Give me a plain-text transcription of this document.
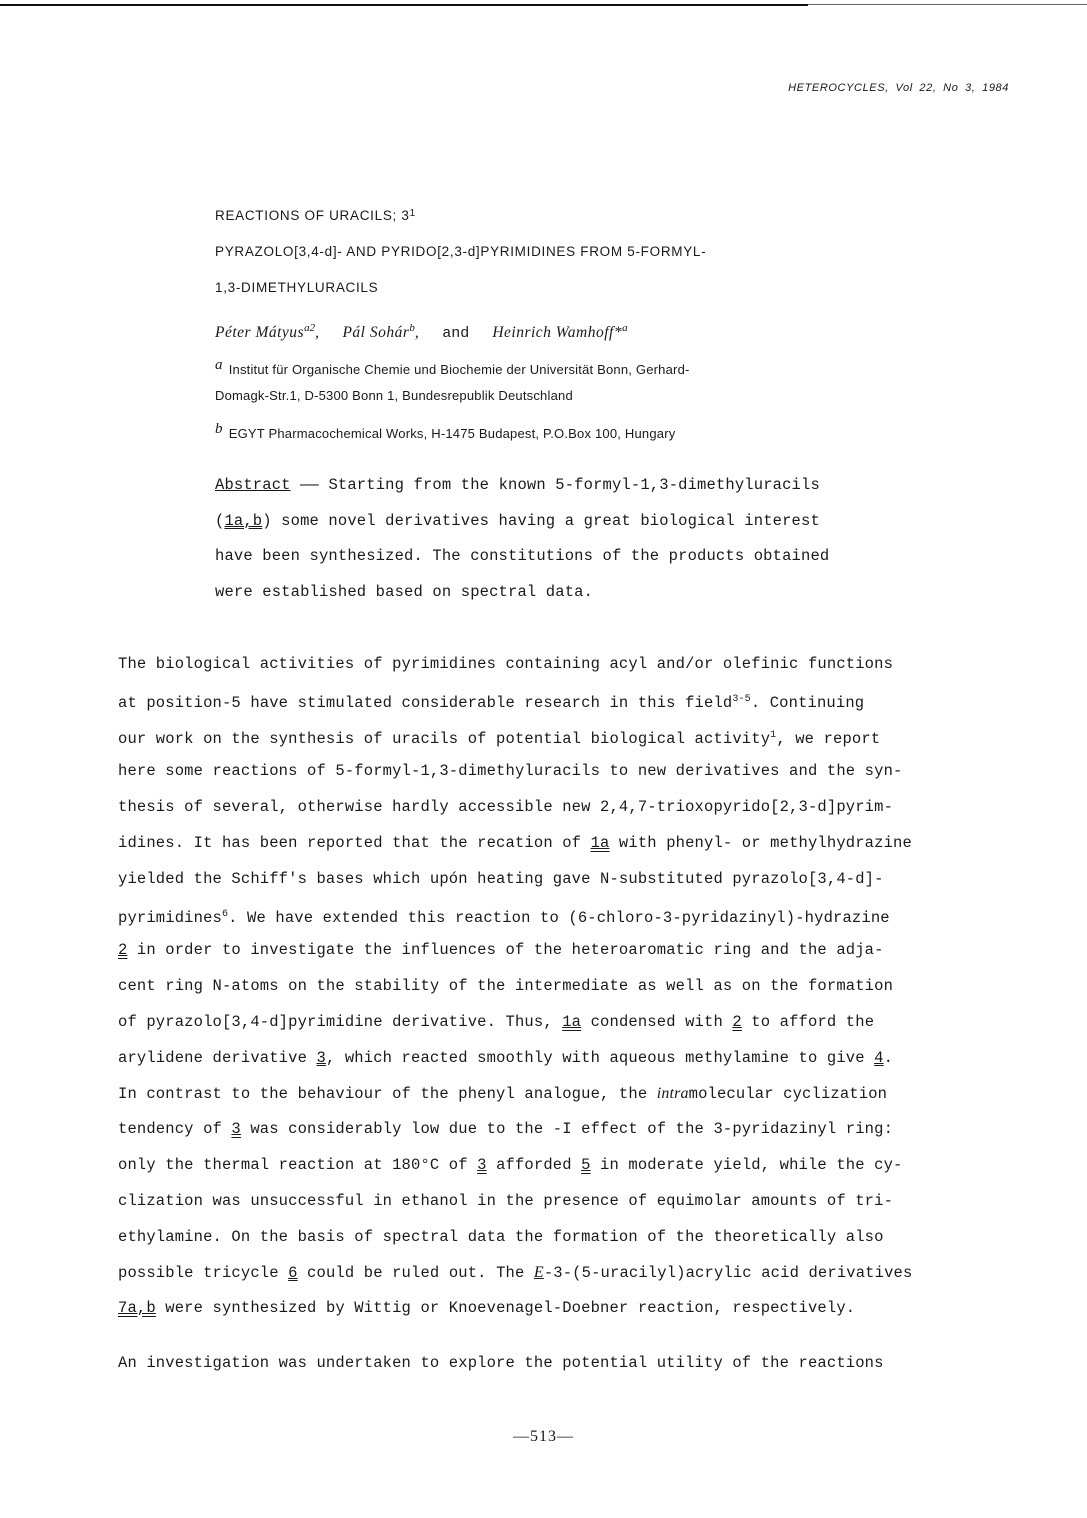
HETEROCYCLES, Vol 22, No 3, 1984
REACTIONS OF URACILS; $3^1$
PYRAZOLO[3,4-d]- AND PYRIDO[2,3-d]PYRIMIDINES FROM 5-FORMYL-
1,3-DIMETHYLURACILS
Péter Mátyus$^{a2}$, Pál Sohár$^b$, and Heinrich Wamhoff*$^a$
a Institut für Organische Chemie und Biochemie der Universität Bonn, Gerhard-
Domagk-Str.1, D-5300 Bonn 1, Bundesrepublik Deutschland
b EGYT Pharmacochemical Works, H-1475 Budapest, P.O.Box 100, Hungary
Abstract —— Starting from the known 5-formyl-1,3-dimethyluracils
(1a,b) some novel derivatives having a great biological interest
have been synthesized. The constitutions of the products obtained
were established based on spectral data.
The biological activities of pyrimidines containing acyl and/or olefinic functions
at position-5 have stimulated considerable research in this field$^{3-5}$. Continuing
our work on the synthesis of uracils of potential biological activity$^1$, we report
here some reactions of 5-formyl-1,3-dimethyluracils to new derivatives and the syn-
thesis of several, otherwise hardly accessible new 2,4,7-trioxopyrido[2,3-d]pyrim-
idines. It has been reported that the recation of 1a with phenyl- or methylhydrazine
yielded the Schiff's bases which upón heating gave N-substituted pyrazolo[3,4-d]-
pyrimidines$^6$. We have extended this reaction to (6-chloro-3-pyridazinyl)-hydrazine
2 in order to investigate the influences of the heteroaromatic ring and the adja-
cent ring N-atoms on the stability of the intermediate as well as on the formation
of pyrazolo[3,4-d]pyrimidine derivative. Thus, 1a condensed with 2 to afford the
arylidene derivative 3, which reacted smoothly with aqueous methylamine to give 4.
In contrast to the behaviour of the phenyl analogue, the intramolecular cyclization
tendency of 3 was considerably low due to the -I effect of the 3-pyridazinyl ring:
only the thermal reaction at 180°C of 3 afforded 5 in moderate yield, while the cy-
clization was unsuccessful in ethanol in the presence of equimolar amounts of tri-
ethylamine. On the basis of spectral data the formation of the theoretically also
possible tricycle 6 could be ruled out. The E-3-(5-uracilyl)acrylic acid derivatives
7a,b were synthesized by Wittig or Knoevenagel-Doebner reaction, respectively.
An investigation was undertaken to explore the potential utility of the reactions
—513—
